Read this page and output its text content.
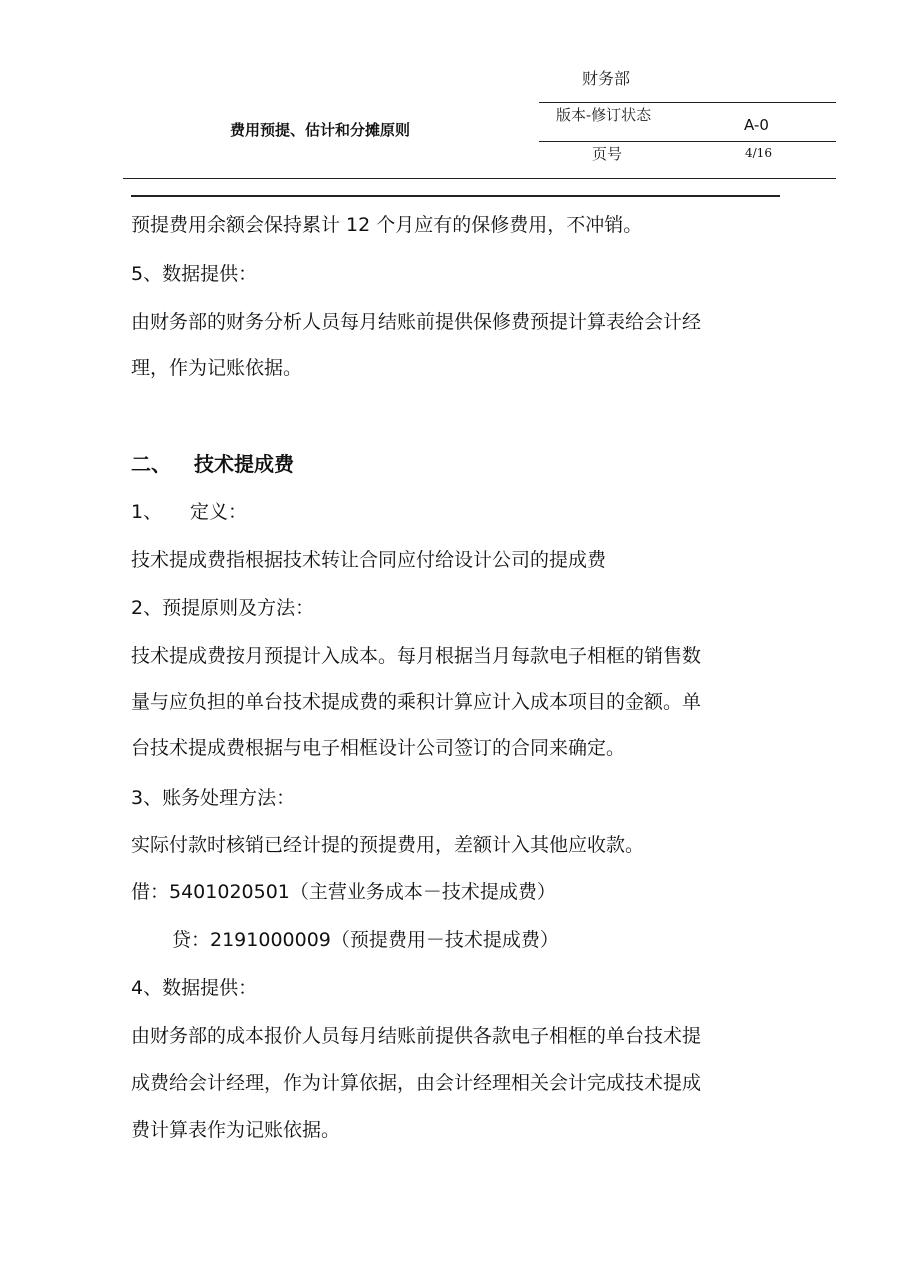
财务部
费用预提、估计和分摊原则
版本-修订状态
A-0
页号	4/16
预提费用余额会保持累计 12 个月应有的保修费用，不冲销。
5、数据提供：
由财务部的财务分析人员每月结账前提供保修费预提计算表给会计经
理，作为记账依据。
二、 技术提成费
1、 定义：
技术提成费指根据技术转让合同应付给设计公司的提成费
2、预提原则及方法：
技术提成费按月预提计入成本。每月根据当月每款电子相框的销售数
量与应负担的单台技术提成费的乘积计算应计入成本项目的金额。单
台技术提成费根据与电子相框设计公司签订的合同来确定。
3、账务处理方法：
实际付款时核销已经计提的预提费用，差额计入其他应收款。
借：5401020501（主营业务成本－技术提成费）
贷：2191000009（预提费用－技术提成费）
4、数据提供：
由财务部的成本报价人员每月结账前提供各款电子相框的单台技术提
成费给会计经理，作为计算依据，由会计经理相关会计完成技术提成
费计算表作为记账依据。
